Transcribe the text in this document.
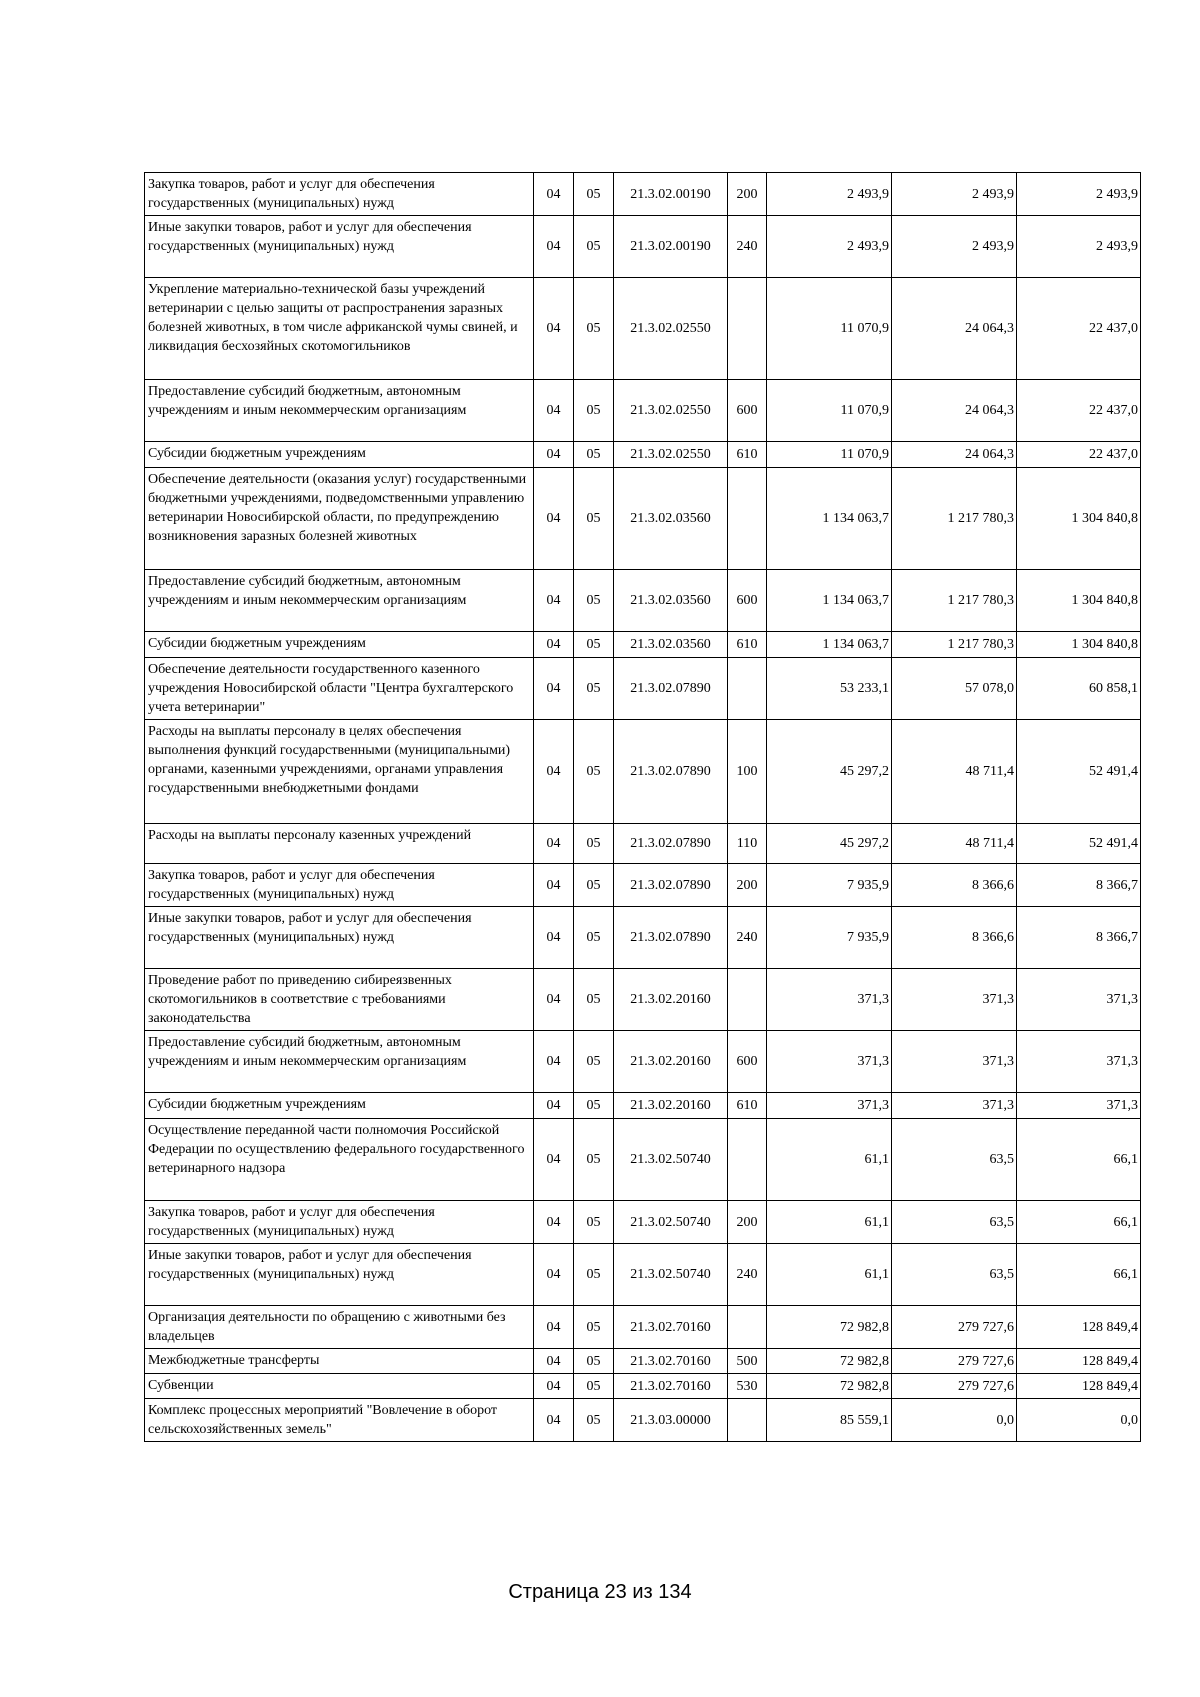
Закупка товаров, работ и услуг для обеспечения государственных (муниципальных) нужд	04	05	21.3.02.00190	200	2 493,9	2 493,9	2 493,9
Иные закупки товаров, работ и услуг для обеспечения государственных (муниципальных) нужд	04	05	21.3.02.00190	240	2 493,9	2 493,9	2 493,9
Укрепление материально-технической базы учреждений ветеринарии с целью защиты от распространения заразных болезней животных, в том числе африканской чумы свиней, и ликвидация бесхозяйных скотомогильников	04	05	21.3.02.02550		11 070,9	24 064,3	22 437,0
Предоставление субсидий бюджетным, автономным учреждениям и иным некоммерческим организациям	04	05	21.3.02.02550	600	11 070,9	24 064,3	22 437,0
Субсидии бюджетным учреждениям	04	05	21.3.02.02550	610	11 070,9	24 064,3	22 437,0
Обеспечение деятельности (оказания услуг) государственными бюджетными учреждениями, подведомственными управлению ветеринарии Новосибирской области, по предупреждению возникновения заразных болезней животных	04	05	21.3.02.03560		1 134 063,7	1 217 780,3	1 304 840,8
Предоставление субсидий бюджетным, автономным учреждениям и иным некоммерческим организациям	04	05	21.3.02.03560	600	1 134 063,7	1 217 780,3	1 304 840,8
Субсидии бюджетным учреждениям	04	05	21.3.02.03560	610	1 134 063,7	1 217 780,3	1 304 840,8
Обеспечение деятельности государственного казенного учреждения Новосибирской области "Центра бухгалтерского учета ветеринарии"	04	05	21.3.02.07890		53 233,1	57 078,0	60 858,1
Расходы на выплаты персоналу в целях обеспечения выполнения функций государственными (муниципальными) органами, казенными учреждениями, органами управления государственными внебюджетными фондами	04	05	21.3.02.07890	100	45 297,2	48 711,4	52 491,4
Расходы на выплаты персоналу казенных учреждений	04	05	21.3.02.07890	110	45 297,2	48 711,4	52 491,4
Закупка товаров, работ и услуг для обеспечения государственных (муниципальных) нужд	04	05	21.3.02.07890	200	7 935,9	8 366,6	8 366,7
Иные закупки товаров, работ и услуг для обеспечения государственных (муниципальных) нужд	04	05	21.3.02.07890	240	7 935,9	8 366,6	8 366,7
Проведение работ по приведению сибиреязвенных скотомогильников в соответствие с требованиями законодательства	04	05	21.3.02.20160		371,3	371,3	371,3
Предоставление субсидий бюджетным, автономным учреждениям и иным некоммерческим организациям	04	05	21.3.02.20160	600	371,3	371,3	371,3
Субсидии бюджетным учреждениям	04	05	21.3.02.20160	610	371,3	371,3	371,3
Осуществление переданной части полномочия Российской Федерации по осуществлению федерального государственного ветеринарного надзора	04	05	21.3.02.50740		61,1	63,5	66,1
Закупка товаров, работ и услуг для обеспечения государственных (муниципальных) нужд	04	05	21.3.02.50740	200	61,1	63,5	66,1
Иные закупки товаров, работ и услуг для обеспечения государственных (муниципальных) нужд	04	05	21.3.02.50740	240	61,1	63,5	66,1
Организация деятельности по обращению с животными без владельцев	04	05	21.3.02.70160		72 982,8	279 727,6	128 849,4
Межбюджетные трансферты	04	05	21.3.02.70160	500	72 982,8	279 727,6	128 849,4
Субвенции	04	05	21.3.02.70160	530	72 982,8	279 727,6	128 849,4
Комплекс процессных мероприятий "Вовлечение в оборот сельскохозяйственных земель"	04	05	21.3.03.00000		85 559,1	0,0	0,0
Страница 23 из 134
